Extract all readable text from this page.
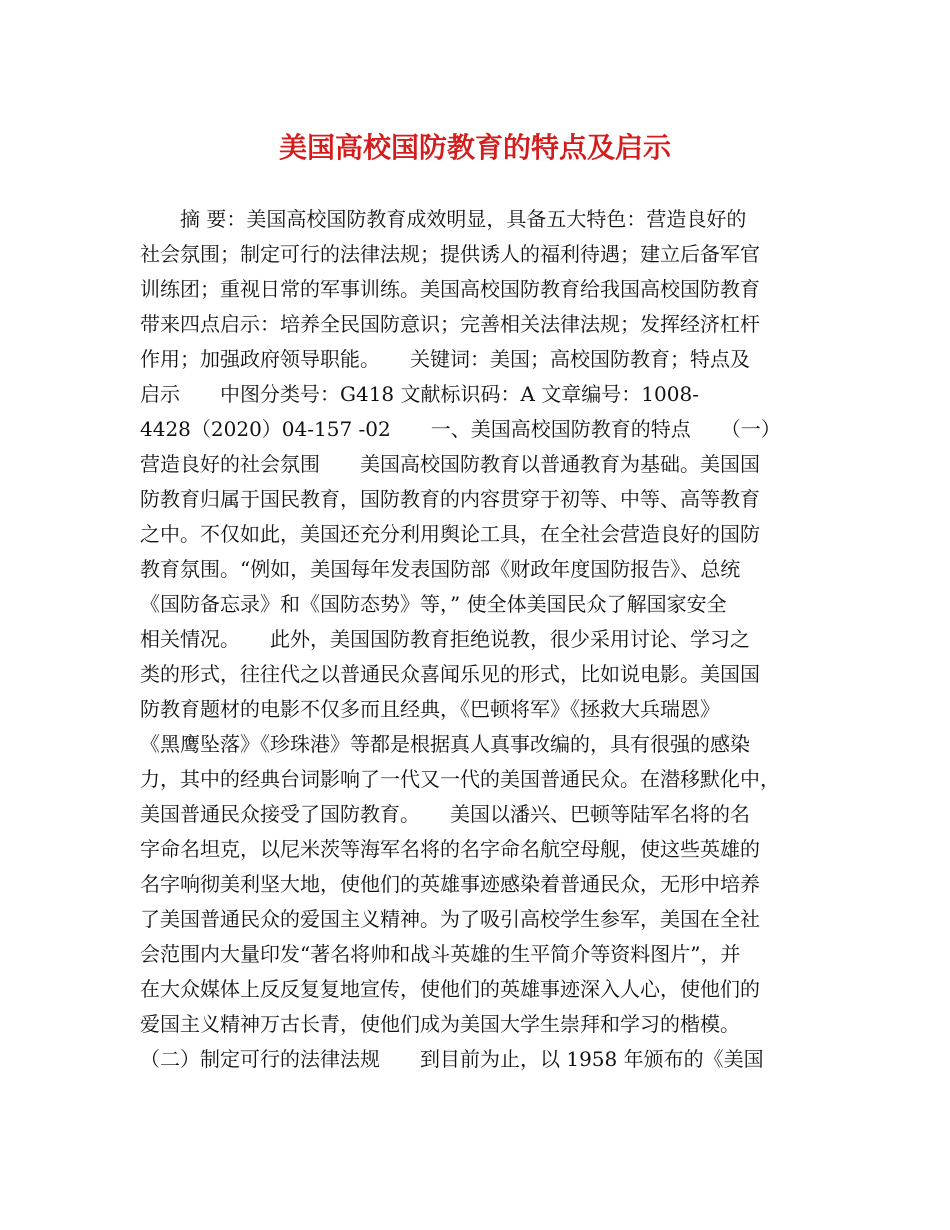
美国高校国防教育的特点及启示
　　摘 要：美国高校国防教育成效明显，具备五大特色：营造良好的
社会氛围；制定可行的法律法规；提供诱人的福利待遇；建立后备军官
训练团；重视日常的军事训练。美国高校国防教育给我国高校国防教育
带来四点启示：培养全民国防意识；完善相关法律法规；发挥经济杠杆
作用；加强政府领导职能。　　关键词：美国；高校国防教育；特点及
启示　　中图分类号：G418 文献标识码：A 文章编号：1008-
4428（2020）04-157 -02　　一、美国高校国防教育的特点　　（一）
营造良好的社会氛围　　美国高校国防教育以普通教育为基础。美国国
防教育归属于国民教育，国防教育的内容贯穿于初等、中等、高等教育
之中。不仅如此，美国还充分利用舆论工具，在全社会营造良好的国防
教育氛围。“例如，美国每年发表国防部《财政年度国防报告》、总统
《国防备忘录》和《国防态势》等，” 使全体美国民众了解国家安全
相关情况。　　此外，美国国防教育拒绝说教，很少采用讨论、学习之
类的形式，往往代之以普通民众喜闻乐见的形式，比如说电影。美国国
防教育题材的电影不仅多而且经典，《巴顿将军》《拯救大兵瑞恩》
《黑鹰坠落》《珍珠港》等都是根据真人真事改编的，具有很强的感染
力，其中的经典台词影响了一代又一代的美国普通民众。在潜移默化中，
美国普通民众接受了国防教育。　　美国以潘兴、巴顿等陆军名将的名
字命名坦克，以尼米茨等海军名将的名字命名航空母舰，使这些英雄的
名字响彻美利坚大地，使他们的英雄事迹感染着普通民众，无形中培养
了美国普通民众的爱国主义精神。为了吸引高校学生参军，美国在全社
会范围内大量印发“著名将帅和战斗英雄的生平简介等资料图片”，并
在大众媒体上反反复复地宣传，使他们的英雄事迹深入人心，使他们的
爱国主义精神万古长青，使他们成为美国大学生崇拜和学习的楷模。
（二）制定可行的法律法规　　到目前为止，以 1958 年颁布的《美国
